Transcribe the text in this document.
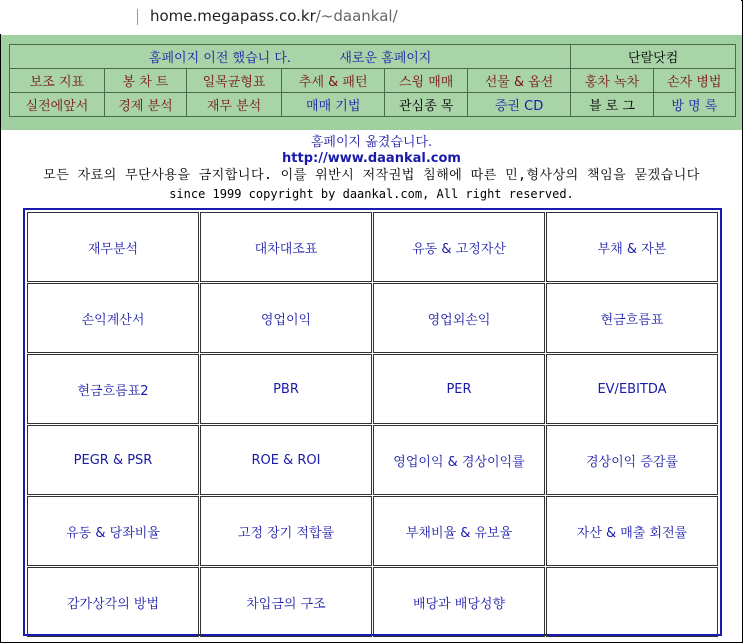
home.megapass.co.kr/~daankal/
홈페이지 이전 했습니 다. 새로운 홈페이지						단랄닷컴	
보조 지표	봉 차 트	일목균형표	추세 & 패턴	스윙 매매	선물 & 옵션	홍차 녹차	손자 병법
실전에앞서	경제 분석	재무 분석	매매 기법	관심종 목	증권 CD	블 로 그	방 명 록
홈페이지 옮겼습니다.
http://www.daankal.com
모든 자료의 무단사용을 금지합니다. 이를 위반시 저작권법 침해에 따른 민,형사상의 책임을 묻겠습니다
since 1999 copyright by daankal.com, All right reserved.
재무분석	대차대조표	유동 & 고정자산	부채 & 자본
손익계산서	영업이익	영업외손익	현금흐름표
현금흐름표2	PBR	PER	EV/EBITDA
PEGR & PSR	ROE & ROI	영업이익 & 경상이익률	경상이익 증감률
유동 & 당좌비율	고정 장기 적합률	부채비율 & 유보율	자산 & 매출 회전률
감가상각의 방법	차입금의 구조	배당과 배당성향	
